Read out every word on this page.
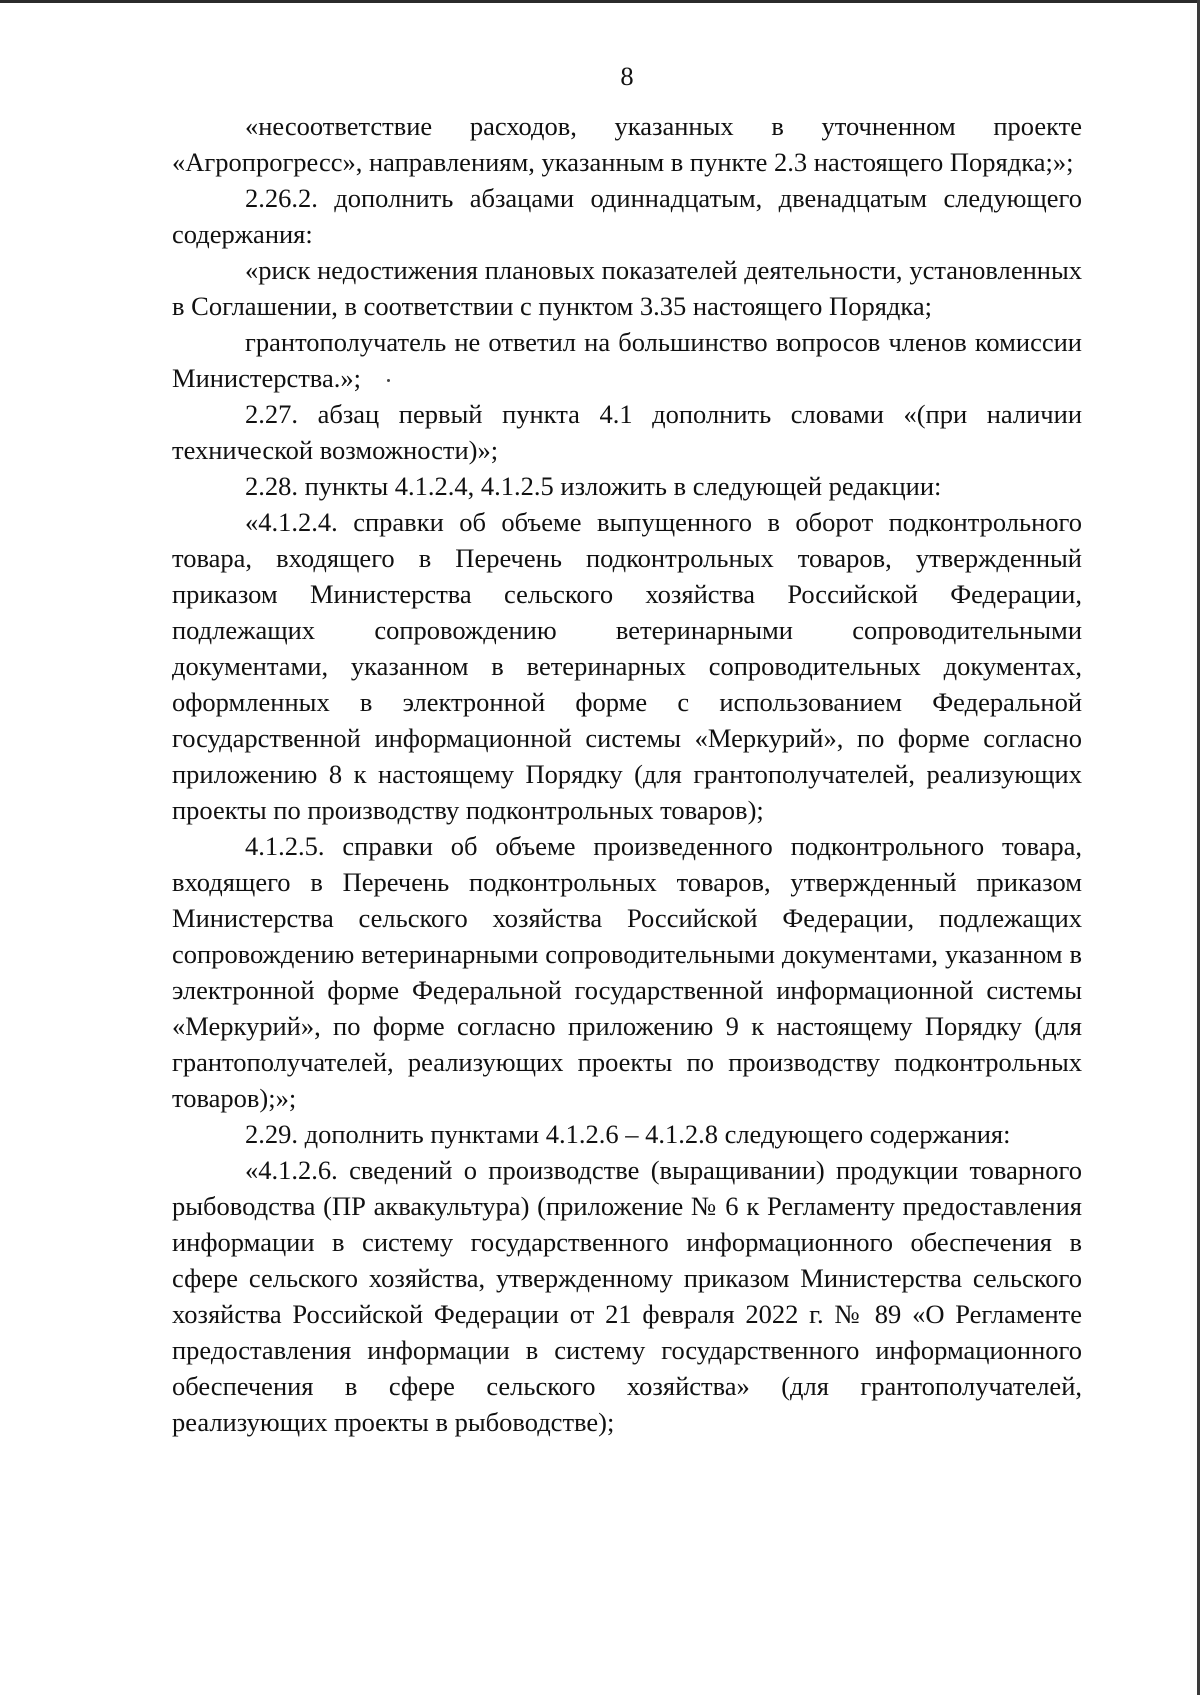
8

«несоответствие расходов, указанных в уточненном проекте «Агропрогресс», направлениям, указанным в пункте 2.3 настоящего Порядка;»;

2.26.2. дополнить абзацами одиннадцатым, двенадцатым следующего содержания:

«риск недостижения плановых показателей деятельности, установленных в Соглашении, в соответствии с пунктом 3.35 настоящего Порядка;

грантополучатель не ответил на большинство вопросов членов комиссии Министерства.»;

2.27. абзац первый пункта 4.1 дополнить словами «(при наличии технической возможности)»;

2.28. пункты 4.1.2.4, 4.1.2.5 изложить в следующей редакции:

«4.1.2.4. справки об объеме выпущенного в оборот подконтрольного товара, входящего в Перечень подконтрольных товаров, утвержденный приказом Министерства сельского хозяйства Российской Федерации, подлежащих сопровождению ветеринарными сопроводительными документами, указанном в ветеринарных сопроводительных документах, оформленных в электронной форме с использованием Федеральной государственной информационной системы «Меркурий», по форме согласно приложению 8 к настоящему Порядку (для грантополучателей, реализующих проекты по производству подконтрольных товаров);

4.1.2.5. справки об объеме произведенного подконтрольного товара, входящего в Перечень подконтрольных товаров, утвержденный приказом Министерства сельского хозяйства Российской Федерации, подлежащих сопровождению ветеринарными сопроводительными документами, указанном в электронной форме Федеральной государственной информационной системы «Меркурий», по форме согласно приложению 9 к настоящему Порядку (для грантополучателей, реализующих проекты по производству подконтрольных товаров);»;

2.29. дополнить пунктами 4.1.2.6 – 4.1.2.8 следующего содержания:

«4.1.2.6. сведений о производстве (выращивании) продукции товарного рыбоводства (ПР аквакультура) (приложение № 6 к Регламенту предоставления информации в систему государственного информационного обеспечения в сфере сельского хозяйства, утвержденному приказом Министерства сельского хозяйства Российской Федерации от 21 февраля 2022 г. № 89 «О Регламенте предоставления информации в систему государственного информационного обеспечения в сфере сельского хозяйства» (для грантополучателей, реализующих проекты в рыбоводстве);
